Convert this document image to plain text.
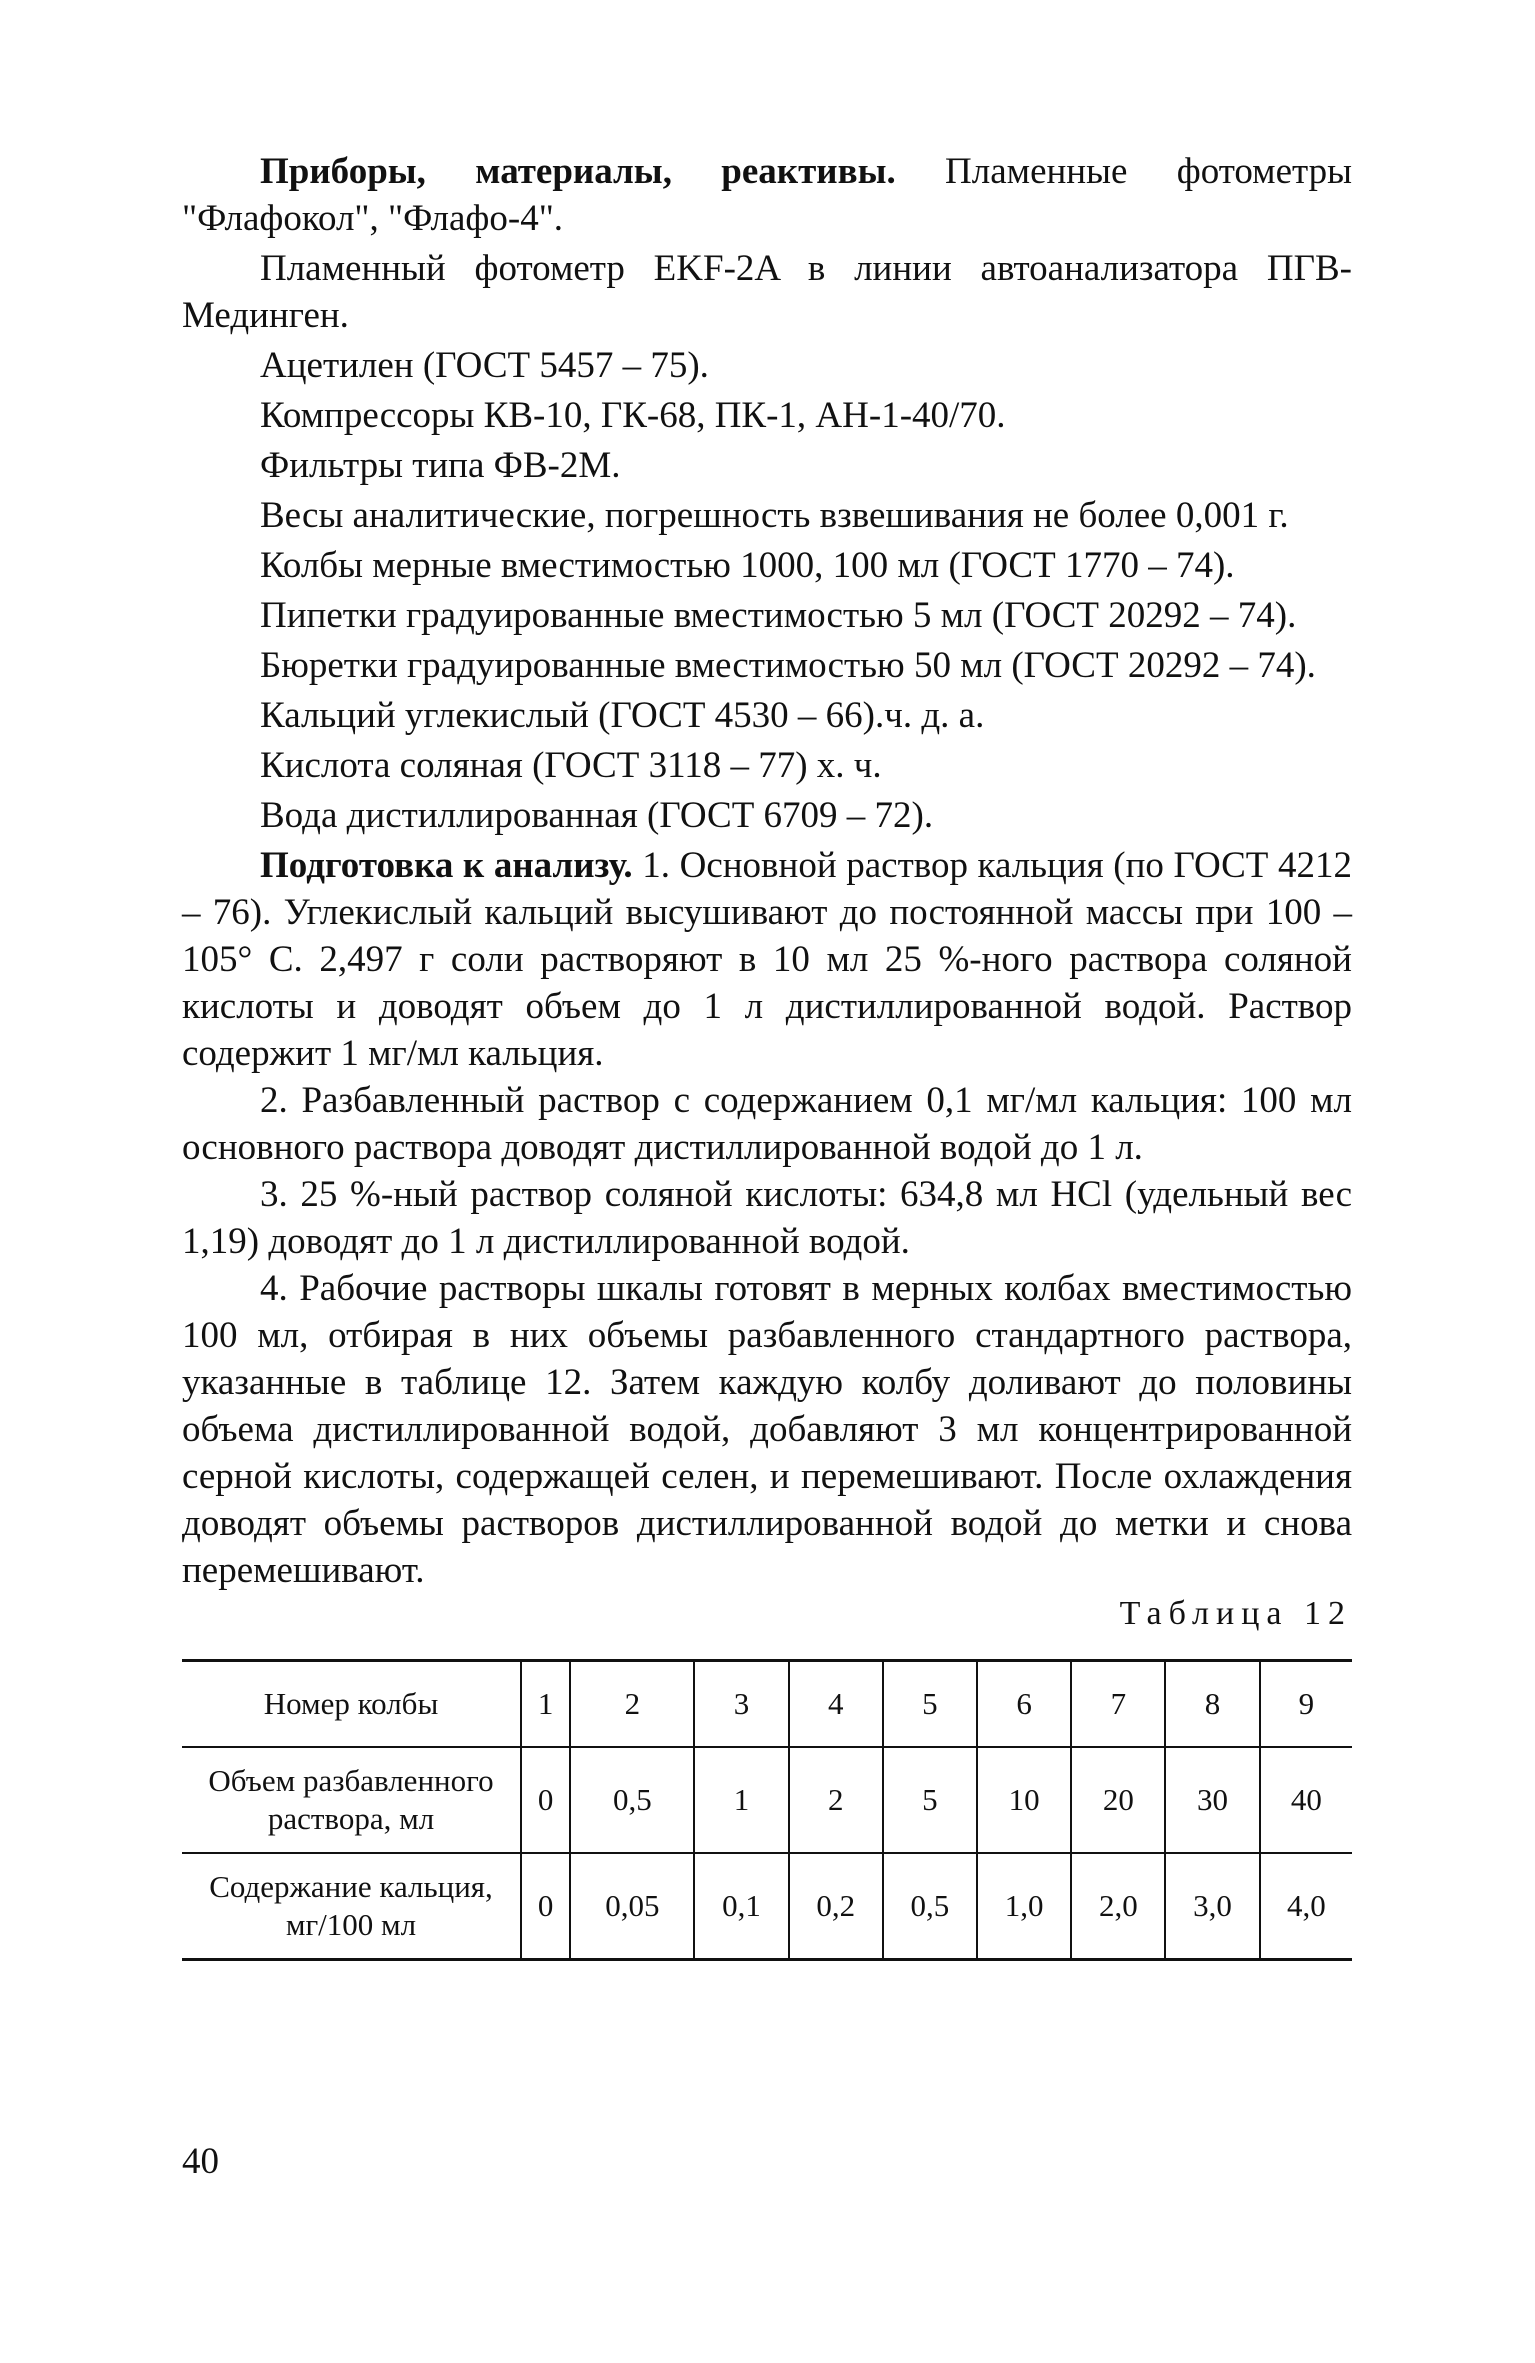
Приборы, материалы, реактивы. Пламенные фотометры "Флафокол", "Флафо-4".

Пламенный фотометр EKF-2A в линии автоанализатора ПГВ-Мединген.

Ацетилен (ГОСТ 5457 – 75).

Компрессоры КВ-10, ГК-68, ПК-1, АН-1-40/70.

Фильтры типа ФВ-2М.

Весы аналитические, погрешность взвешивания не более 0,001 г.

Колбы мерные вместимостью 1000, 100 мл (ГОСТ 1770 – 74).

Пипетки градуированные вместимостью 5 мл (ГОСТ 20292 – 74).

Бюретки градуированные вместимостью 50 мл (ГОСТ 20292 – 74).

Кальций углекислый (ГОСТ 4530 – 66).ч. д. а.

Кислота соляная (ГОСТ 3118 – 77) х. ч.

Вода дистиллированная (ГОСТ 6709 – 72).

Подготовка к анализу. 1. Основной раствор кальция (по ГОСТ 4212 – 76). Углекислый кальций высушивают до постоянной массы при 100 – 105° С. 2,497 г соли растворяют в 10 мл 25 %-ного раствора соляной кислоты и доводят объем до 1 л дистиллированной водой. Раствор содержит 1 мг/мл кальция.

2. Разбавленный раствор с содержанием 0,1 мг/мл кальция: 100 мл основного раствора доводят дистиллированной водой до 1 л.

3. 25 %-ный раствор соляной кислоты: 634,8 мл HCl (удельный вес 1,19) доводят до 1 л дистиллированной водой.

4. Рабочие растворы шкалы готовят в мерных колбах вместимостью 100 мл, отбирая в них объемы разбавленного стандартного раствора, указанные в таблице 12. Затем каждую колбу доливают до половины объема дистиллированной водой, добавляют 3 мл концентрированной серной кислоты, содержащей селен, и перемешивают. После охлаждения доводят объемы растворов дистиллированной водой до метки и снова перемешивают.

Таблица 12
Номер колбы	1	2	3	4	5	6	7	8	9
Объем разбавленного раствора, мл	0	0,5	1	2	5	10	20	30	40
Содержание кальция, мг/100 мл	0	0,05	0,1	0,2	0,5	1,0	2,0	3,0	4,0
40
